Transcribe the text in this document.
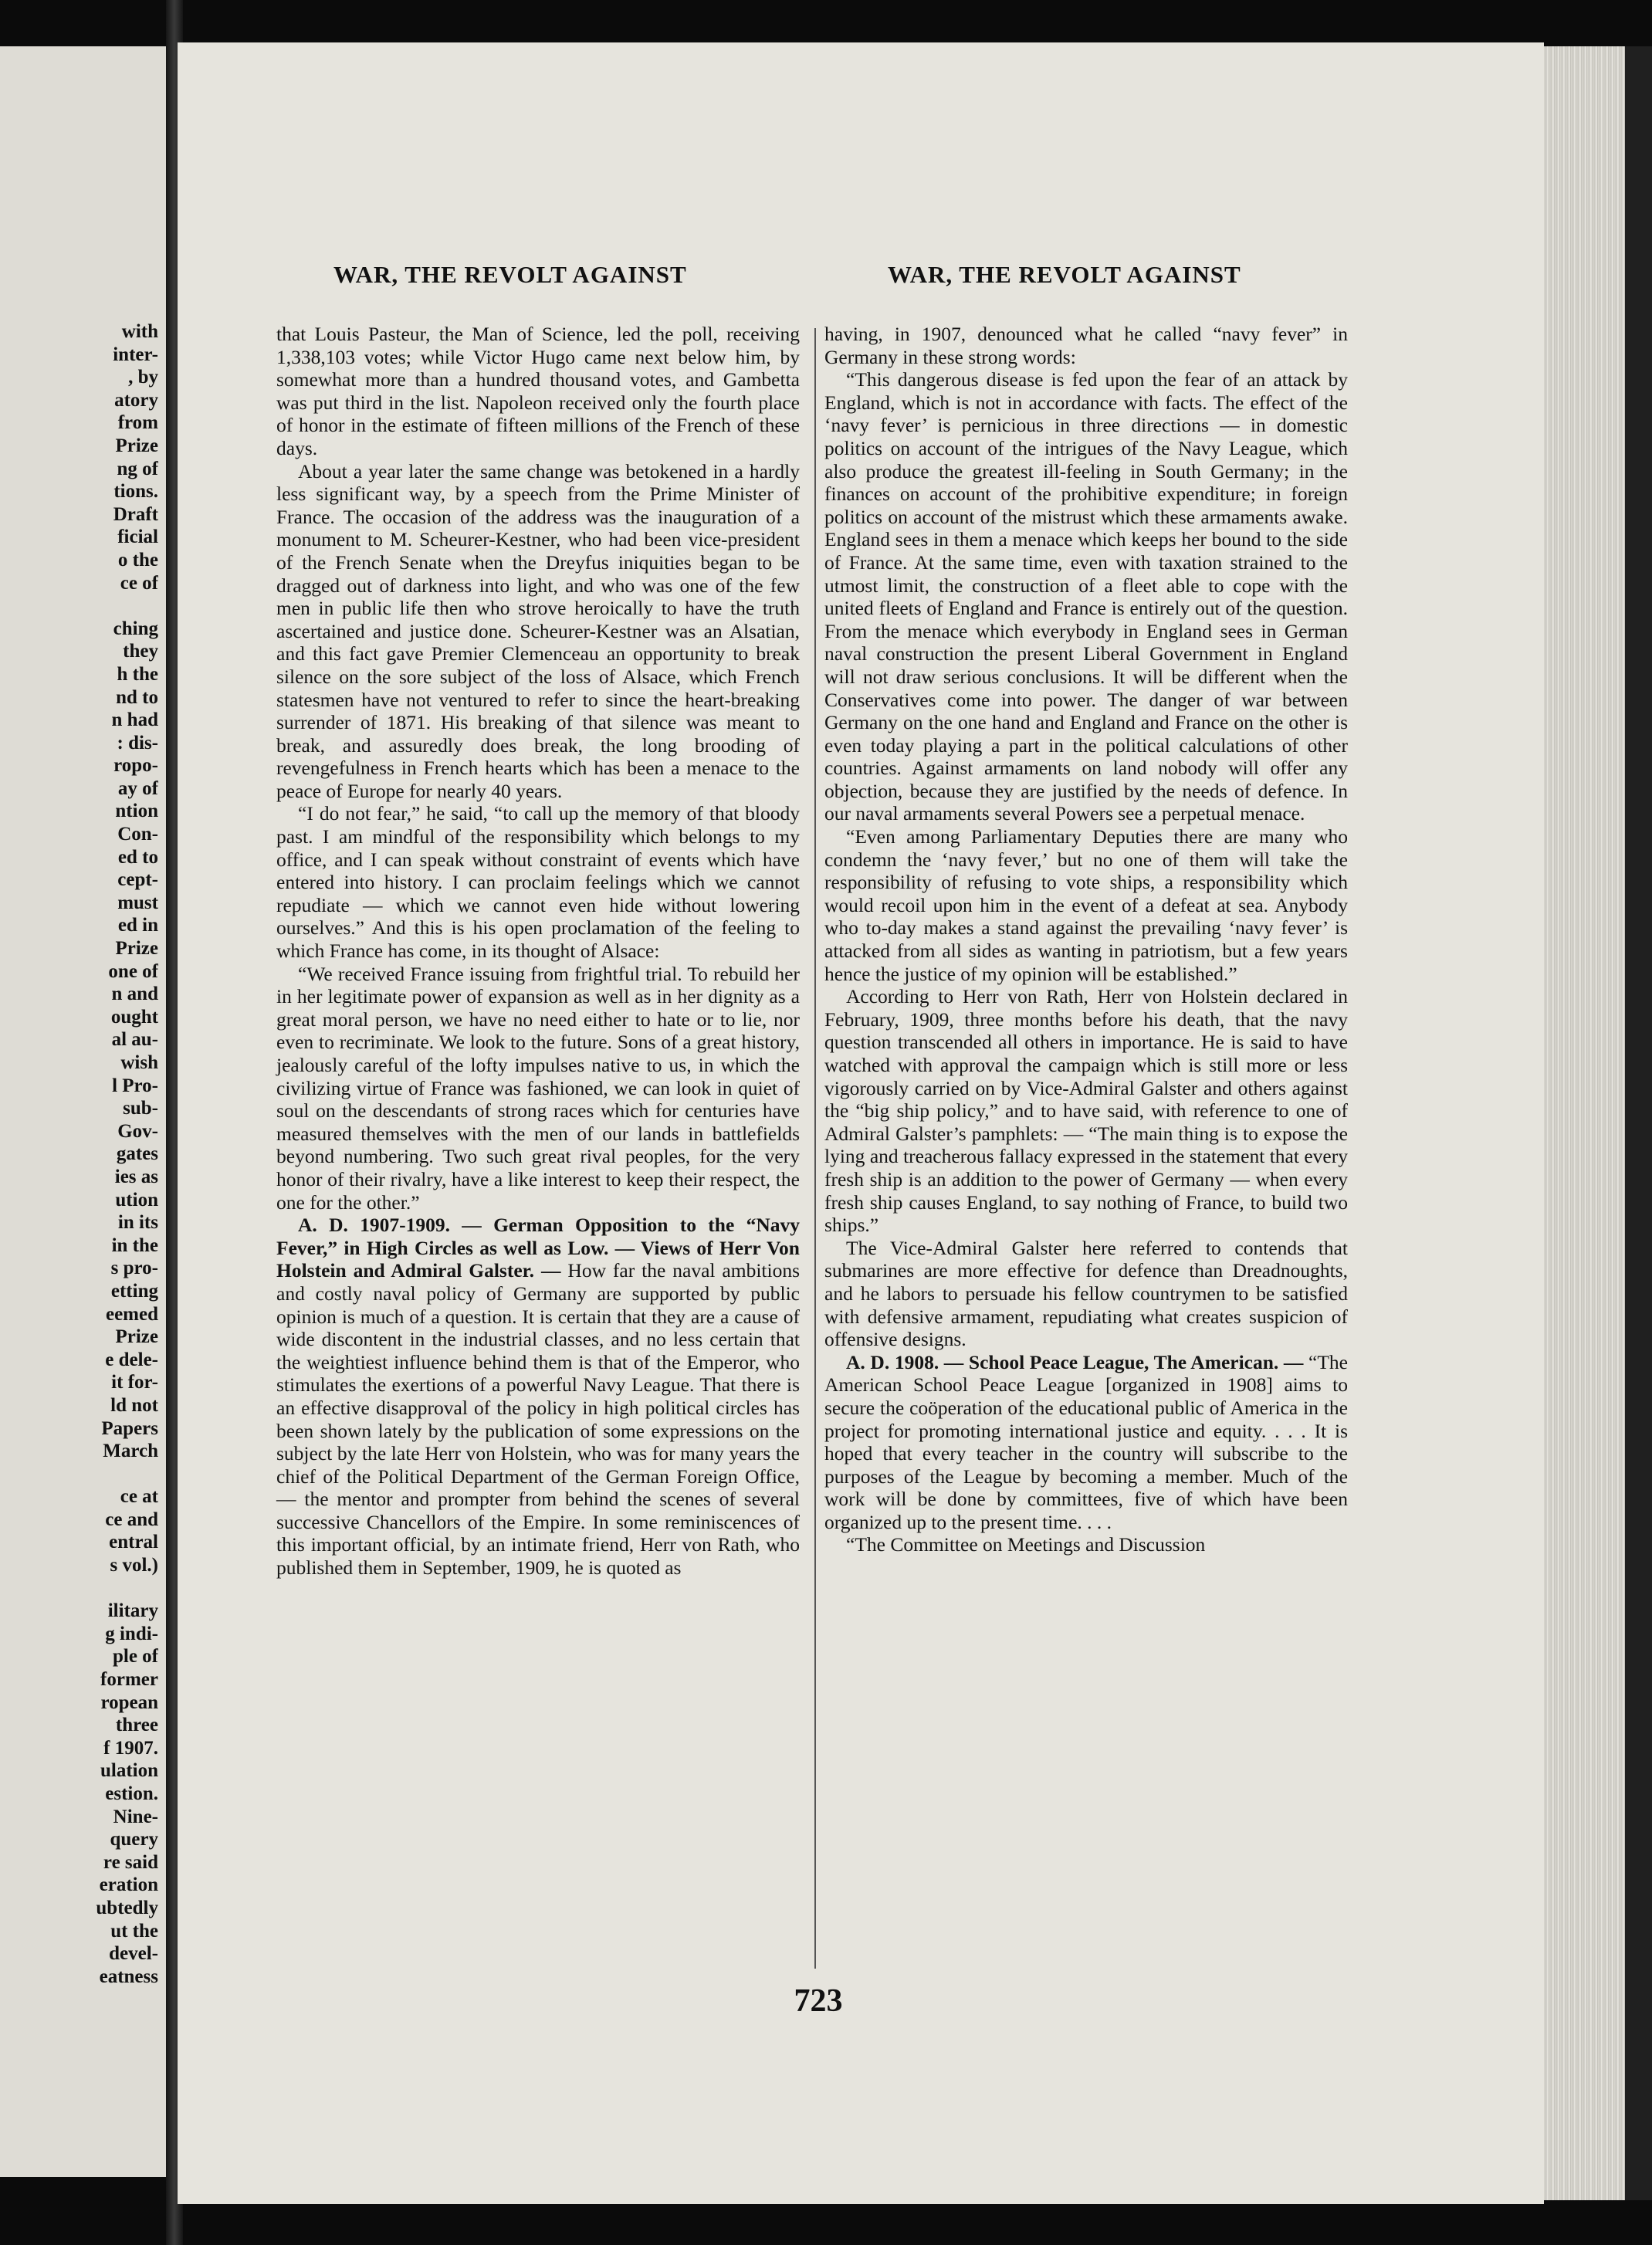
with
inter-
, by
atory
from
Prize
ng of
tions.
Draft
ficial
o the
ce of

ching
they
h the
nd to
n had
: dis-
ropo-
ay of
ntion
Con-
ed to
cept-
must
ed in
Prize
one of
n and
ought
al au-
wish
l Pro-
sub-
Gov-
gates
ies as
ution
in its
in the
s pro-
etting
eemed
Prize
e dele-
it for-
ld not
Papers
March

ce at
ce and
entral
s vol.)

ilitary
g indi-
ple of
former
ropean
three
f 1907.
ulation
estion.
Nine-
query
re said
eration
ubtedly
ut the
devel-
eatness
WAR, THE REVOLT AGAINST	WAR, THE REVOLT AGAINST

that Louis Pasteur, the Man of Science, led the poll, receiving 1,338,103 votes; while Victor Hugo came next below him, by somewhat more than a hundred thousand votes, and Gambetta was put third in the list. Napoleon received only the fourth place of honor in the estimate of fifteen millions of the French of these days.

About a year later the same change was betokened in a hardly less significant way, by a speech from the Prime Minister of France. The occasion of the address was the inauguration of a monument to M. Scheurer-Kestner, who had been vice-president of the French Senate when the Dreyfus iniquities began to be dragged out of darkness into light, and who was one of the few men in public life then who strove heroically to have the truth ascertained and justice done. Scheurer-Kestner was an Alsatian, and this fact gave Premier Clemenceau an opportunity to break silence on the sore subject of the loss of Alsace, which French statesmen have not ventured to refer to since the heart-breaking surrender of 1871. His breaking of that silence was meant to break, and assuredly does break, the long brooding of revengefulness in French hearts which has been a menace to the peace of Europe for nearly 40 years.

“I do not fear,” he said, “to call up the memory of that bloody past. I am mindful of the responsibility which belongs to my office, and I can speak without constraint of events which have entered into history. I can proclaim feelings which we cannot repudiate — which we cannot even hide without lowering ourselves.” And this is his open proclamation of the feeling to which France has come, in its thought of Alsace:

“We received France issuing from frightful trial. To rebuild her in her legitimate power of expansion as well as in her dignity as a great moral person, we have no need either to hate or to lie, nor even to recriminate. We look to the future. Sons of a great history, jealously careful of the lofty impulses native to us, in which the civilizing virtue of France was fashioned, we can look in quiet of soul on the descendants of strong races which for centuries have measured themselves with the men of our lands in battlefields beyond numbering. Two such great rival peoples, for the very honor of their rivalry, have a like interest to keep their respect, the one for the other.”

A. D. 1907-1909. — German Opposition to the “Navy Fever,” in High Circles as well as Low. — Views of Herr Von Holstein and Admiral Galster. — How far the naval ambitions and costly naval policy of Germany are supported by public opinion is much of a question. It is certain that they are a cause of wide discontent in the industrial classes, and no less certain that the weightiest influence behind them is that of the Emperor, who stimulates the exertions of a powerful Navy League. That there is an effective disapproval of the policy in high political circles has been shown lately by the publication of some expressions on the subject by the late Herr von Holstein, who was for many years the chief of the Political Department of the German Foreign Office, — the mentor and prompter from behind the scenes of several successive Chancellors of the Empire. In some reminiscences of this important official, by an intimate friend, Herr von Rath, who published them in September, 1909, he is quoted as

having, in 1907, denounced what he called “navy fever” in Germany in these strong words:

“This dangerous disease is fed upon the fear of an attack by England, which is not in accordance with facts. The effect of the ‘navy fever’ is pernicious in three directions — in domestic politics on account of the intrigues of the Navy League, which also produce the greatest ill-feeling in South Germany; in the finances on account of the prohibitive expenditure; in foreign politics on account of the mistrust which these armaments awake. England sees in them a menace which keeps her bound to the side of France. At the same time, even with taxation strained to the utmost limit, the construction of a fleet able to cope with the united fleets of England and France is entirely out of the question. From the menace which everybody in England sees in German naval construction the present Liberal Government in England will not draw serious conclusions. It will be different when the Conservatives come into power. The danger of war between Germany on the one hand and England and France on the other is even today playing a part in the political calculations of other countries. Against armaments on land nobody will offer any objection, because they are justified by the needs of defence. In our naval armaments several Powers see a perpetual menace.

“Even among Parliamentary Deputies there are many who condemn the ‘navy fever,’ but no one of them will take the responsibility of refusing to vote ships, a responsibility which would recoil upon him in the event of a defeat at sea. Anybody who to-day makes a stand against the prevailing ‘navy fever’ is attacked from all sides as wanting in patriotism, but a few years hence the justice of my opinion will be established.”

According to Herr von Rath, Herr von Holstein declared in February, 1909, three months before his death, that the navy question transcended all others in importance. He is said to have watched with approval the campaign which is still more or less vigorously carried on by Vice-Admiral Galster and others against the “big ship policy,” and to have said, with reference to one of Admiral Galster’s pamphlets: — “The main thing is to expose the lying and treacherous fallacy expressed in the statement that every fresh ship is an addition to the power of Germany — when every fresh ship causes England, to say nothing of France, to build two ships.”

The Vice-Admiral Galster here referred to contends that submarines are more effective for defence than Dreadnoughts, and he labors to persuade his fellow countrymen to be satisfied with defensive armament, repudiating what creates suspicion of offensive designs.

A. D. 1908. — School Peace League, The American. — “The American School Peace League [organized in 1908] aims to secure the coöperation of the educational public of America in the project for promoting international justice and equity. . . . It is hoped that every teacher in the country will subscribe to the purposes of the League by becoming a member. Much of the work will be done by committees, five of which have been organized up to the present time. . . .

“The Committee on Meetings and Discussion

723
